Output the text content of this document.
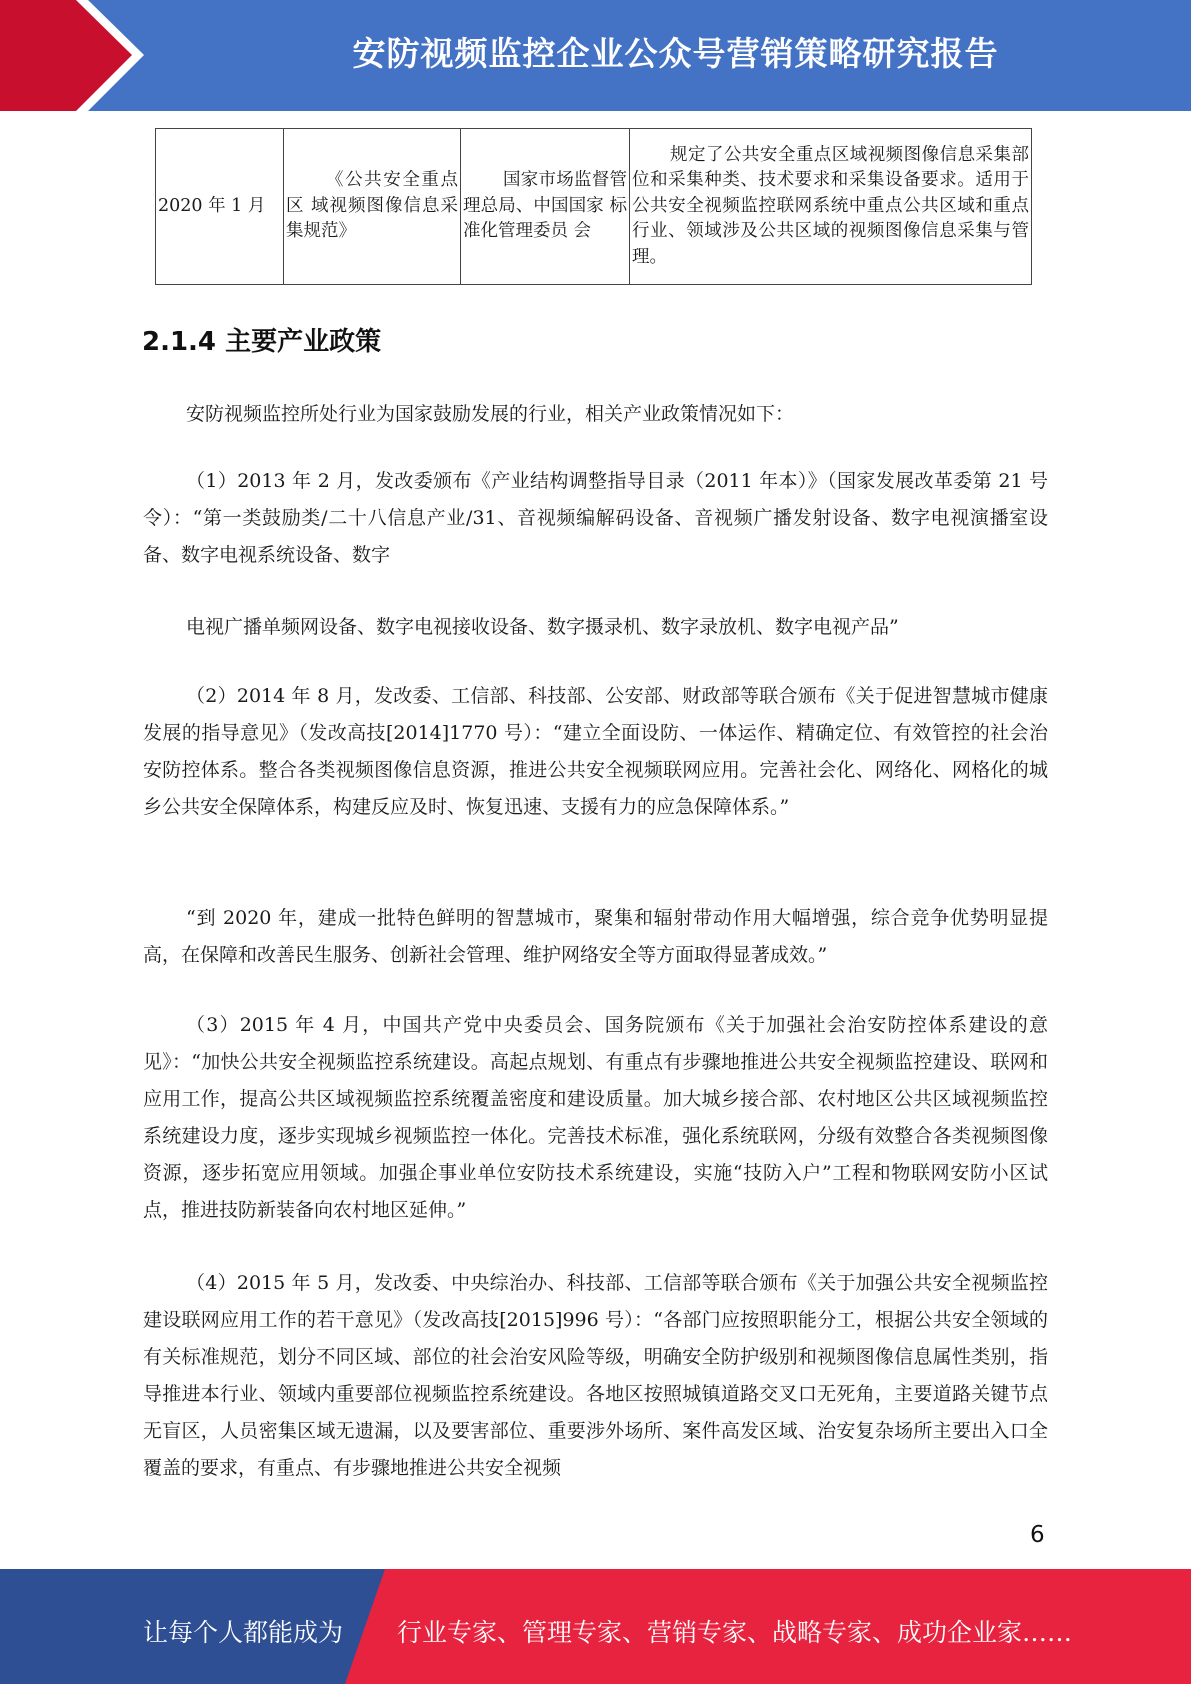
安防视频监控企业公众号营销策略研究报告
2020 年 1 月	《公共安全重点区 域视频图像信息采 集规范》	国家市场监督管 理总局、中国国家 标准化管理委员 会	规定了公共安全重点区域视频图像信息采集部位和采集种类、技术要求和采集设备要求。适用于公共安全视频监控联网系统中重点公共区域和重点行业、领域涉及公共区域的视频图像信息采集与管理。
2.1.4 主要产业政策
安防视频监控所处行业为国家鼓励发展的行业，相关产业政策情况如下：
（1）2013 年 2 月，发改委颁布《产业结构调整指导目录（2011 年本）》（国家发展改革委第 21 号令）：“第一类鼓励类/二十八信息产业/31、音视频编解码设备、音视频广播发射设备、数字电视演播室设备、数字电视系统设备、数字
电视广播单频网设备、数字电视接收设备、数字摄录机、数字录放机、数字电视产品”
（2）2014 年 8 月，发改委、工信部、科技部、公安部、财政部等联合颁布《关于促进智慧城市健康发展的指导意见》（发改高技[2014]1770 号）：“建立全面设防、一体运作、精确定位、有效管控的社会治安防控体系。整合各类视频图像信息资源，推进公共安全视频联网应用。完善社会化、网络化、网格化的城乡公共安全保障体系，构建反应及时、恢复迅速、支援有力的应急保障体系。”
“到 2020 年，建成一批特色鲜明的智慧城市，聚集和辐射带动作用大幅增强，综合竞争优势明显提高，在保障和改善民生服务、创新社会管理、维护网络安全等方面取得显著成效。”
（3）2015 年 4 月，中国共产党中央委员会、国务院颁布《关于加强社会治安防控体系建设的意见》：“加快公共安全视频监控系统建设。高起点规划、有重点有步骤地推进公共安全视频监控建设、联网和应用工作，提高公共区域视频监控系统覆盖密度和建设质量。加大城乡接合部、农村地区公共区域视频监控系统建设力度，逐步实现城乡视频监控一体化。完善技术标准，强化系统联网，分级有效整合各类视频图像资源，逐步拓宽应用领域。加强企事业单位安防技术系统建设，实施“技防入户”工程和物联网安防小区试点，推进技防新装备向农村地区延伸。”
（4）2015 年 5 月，发改委、中央综治办、科技部、工信部等联合颁布《关于加强公共安全视频监控建设联网应用工作的若干意见》（发改高技[2015]996 号）：“各部门应按照职能分工，根据公共安全领域的有关标准规范，划分不同区域、部位的社会治安风险等级，明确安全防护级别和视频图像信息属性类别，指导推进本行业、领域内重要部位视频监控系统建设。各地区按照城镇道路交叉口无死角，主要道路关键节点无盲区，人员密集区域无遗漏，以及要害部位、重要涉外场所、案件高发区域、治安复杂场所主要出入口全覆盖的要求，有重点、有步骤地推进公共安全视频
6
让每个人都能成为 行业专家、管理专家、营销专家、战略专家、成功企业家……
